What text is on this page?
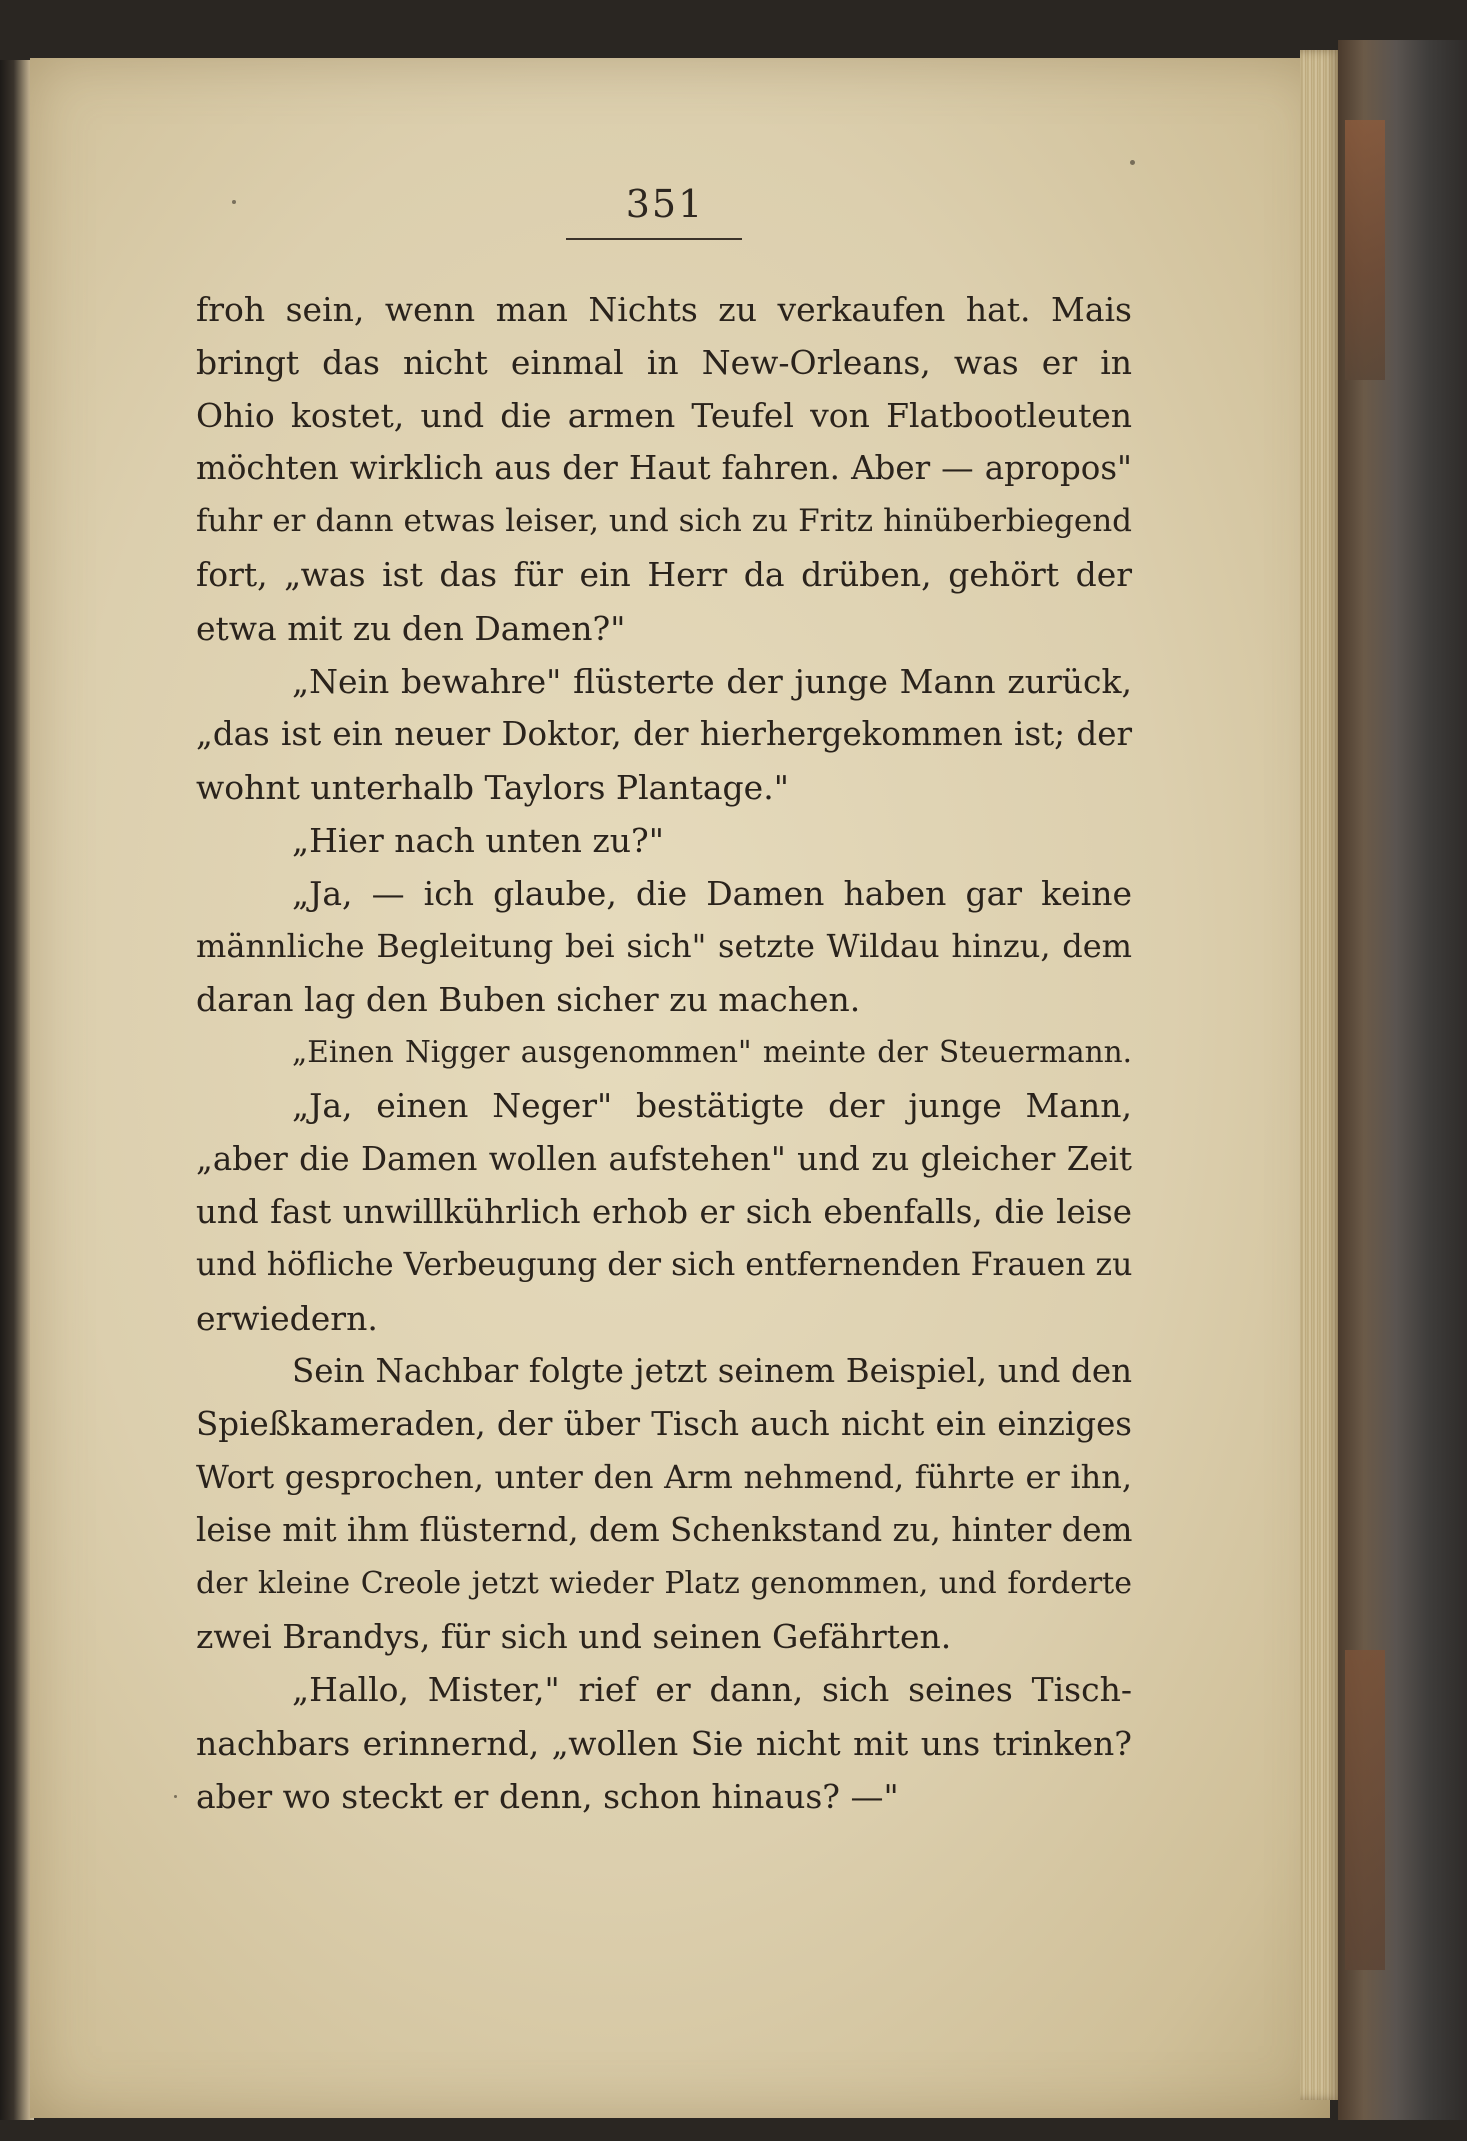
351
froh sein, wenn man Nichts zu verkaufen hat. Mais
bringt das nicht einmal in New-Orleans, was er in
Ohio kostet, und die armen Teufel von Flatbootleuten
möchten wirklich aus der Haut fahren. Aber — apropos"
fuhr er dann etwas leiser, und sich zu Fritz hinüberbiegend
fort, „was ist das für ein Herr da drüben, gehört der
etwa mit zu den Damen?"
„Nein bewahre" flüsterte der junge Mann zurück,
„das ist ein neuer Doktor, der hierhergekommen ist; der
wohnt unterhalb Taylors Plantage."
„Hier nach unten zu?"
„Ja, — ich glaube, die Damen haben gar keine
männliche Begleitung bei sich" setzte Wildau hinzu, dem
daran lag den Buben sicher zu machen.
„Einen Nigger ausgenommen" meinte der Steuermann.
„Ja, einen Neger" bestätigte der junge Mann,
„aber die Damen wollen aufstehen" und zu gleicher Zeit
und fast unwillkührlich erhob er sich ebenfalls, die leise
und höfliche Verbeugung der sich entfernenden Frauen zu
erwiedern.
Sein Nachbar folgte jetzt seinem Beispiel, und den
Spießkameraden, der über Tisch auch nicht ein einziges
Wort gesprochen, unter den Arm nehmend, führte er ihn,
leise mit ihm flüsternd, dem Schenkstand zu, hinter dem
der kleine Creole jetzt wieder Platz genommen, und forderte
zwei Brandys, für sich und seinen Gefährten.
„Hallo, Mister," rief er dann, sich seines Tisch-
nachbars erinnernd, „wollen Sie nicht mit uns trinken?
aber wo steckt er denn, schon hinaus? —"
